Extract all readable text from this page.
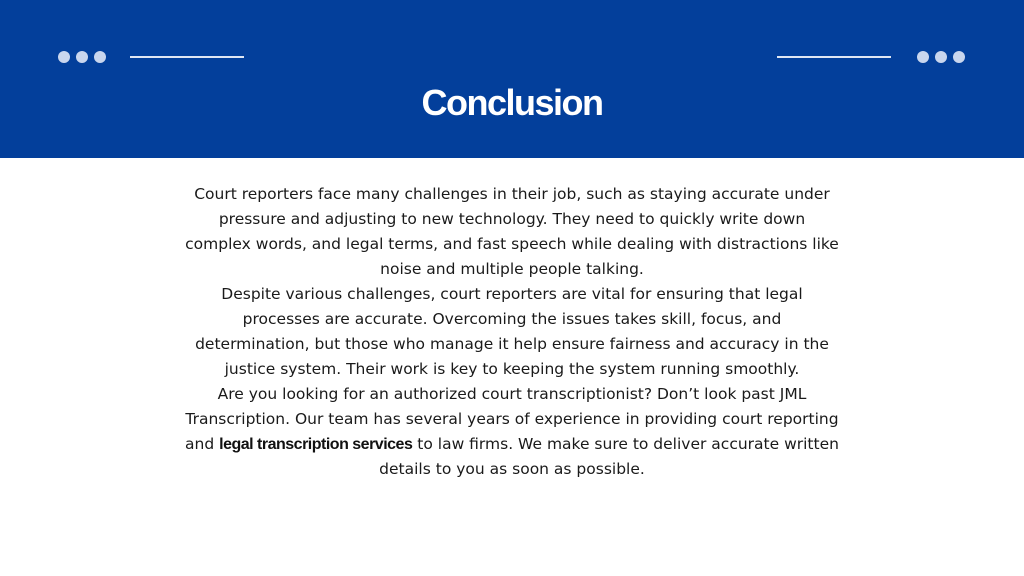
Conclusion

Court reporters face many challenges in their job, such as staying accurate under pressure and adjusting to new technology. They need to quickly write down complex words, and legal terms, and fast speech while dealing with distractions like noise and multiple people talking.

Despite various challenges, court reporters are vital for ensuring that legal processes are accurate. Overcoming the issues takes skill, focus, and determination, but those who manage it help ensure fairness and accuracy in the justice system. Their work is key to keeping the system running smoothly.

Are you looking for an authorized court transcriptionist? Don’t look past JML Transcription. Our team has several years of experience in providing court reporting and legal transcription services to law firms. We make sure to deliver accurate written details to you as soon as possible.
